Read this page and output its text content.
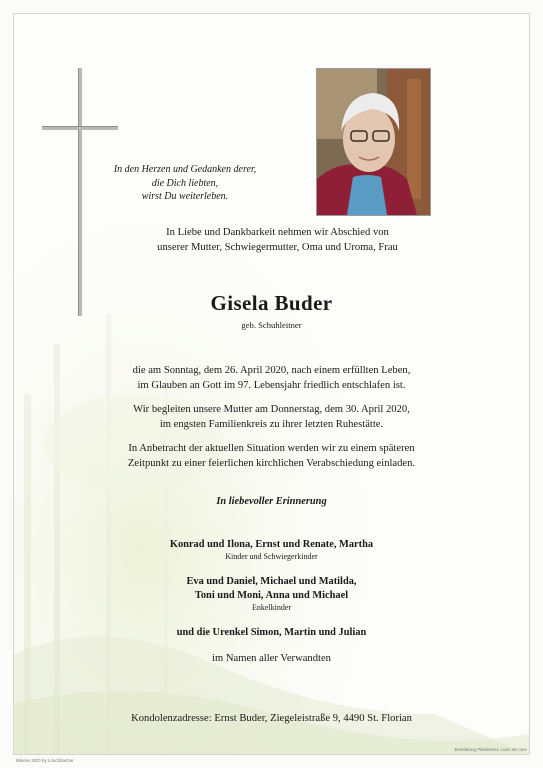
In den Herzen und Gedanken derer,
die Dich liebten,
wirst Du weiterleben.
In Liebe und Dankbarkeit nehmen wir Abschied von
unserer Mutter, Schwiegermutter, Oma und Uroma, Frau
Gisela Buder
geb. Schuhleitner
die am Sonntag, dem 26. April 2020, nach einem erfüllten Leben,
im Glauben an Gott im 97. Lebensjahr friedlich entschlafen ist.
Wir begleiten unsere Mutter am Donnerstag, dem 30. April 2020,
im engsten Familienkreis zu ihrer letzten Ruhestätte.
In Anbetracht der aktuellen Situation werden wir zu einem späteren
Zeitpunkt zu einer feierlichen kirchlichen Verabschiedung einladen.
In liebevoller Erinnerung
Konrad und Ilona, Ernst und Renate, Martha
Kinder und Schwiegerkinder
Eva und Daniel, Michael und Matilda,
Toni und Moni, Anna und Michael
Enkelkinder
und die Urenkel Simon, Martin und Julian
im Namen aller Verwandten
Kondolenzadresse: Ernst Buder, Ziegeleistraße 9, 4490 St. Florian
Bilerne 30/D by Löschbacher
Bestattung Pilsheimer, Lunz am See
